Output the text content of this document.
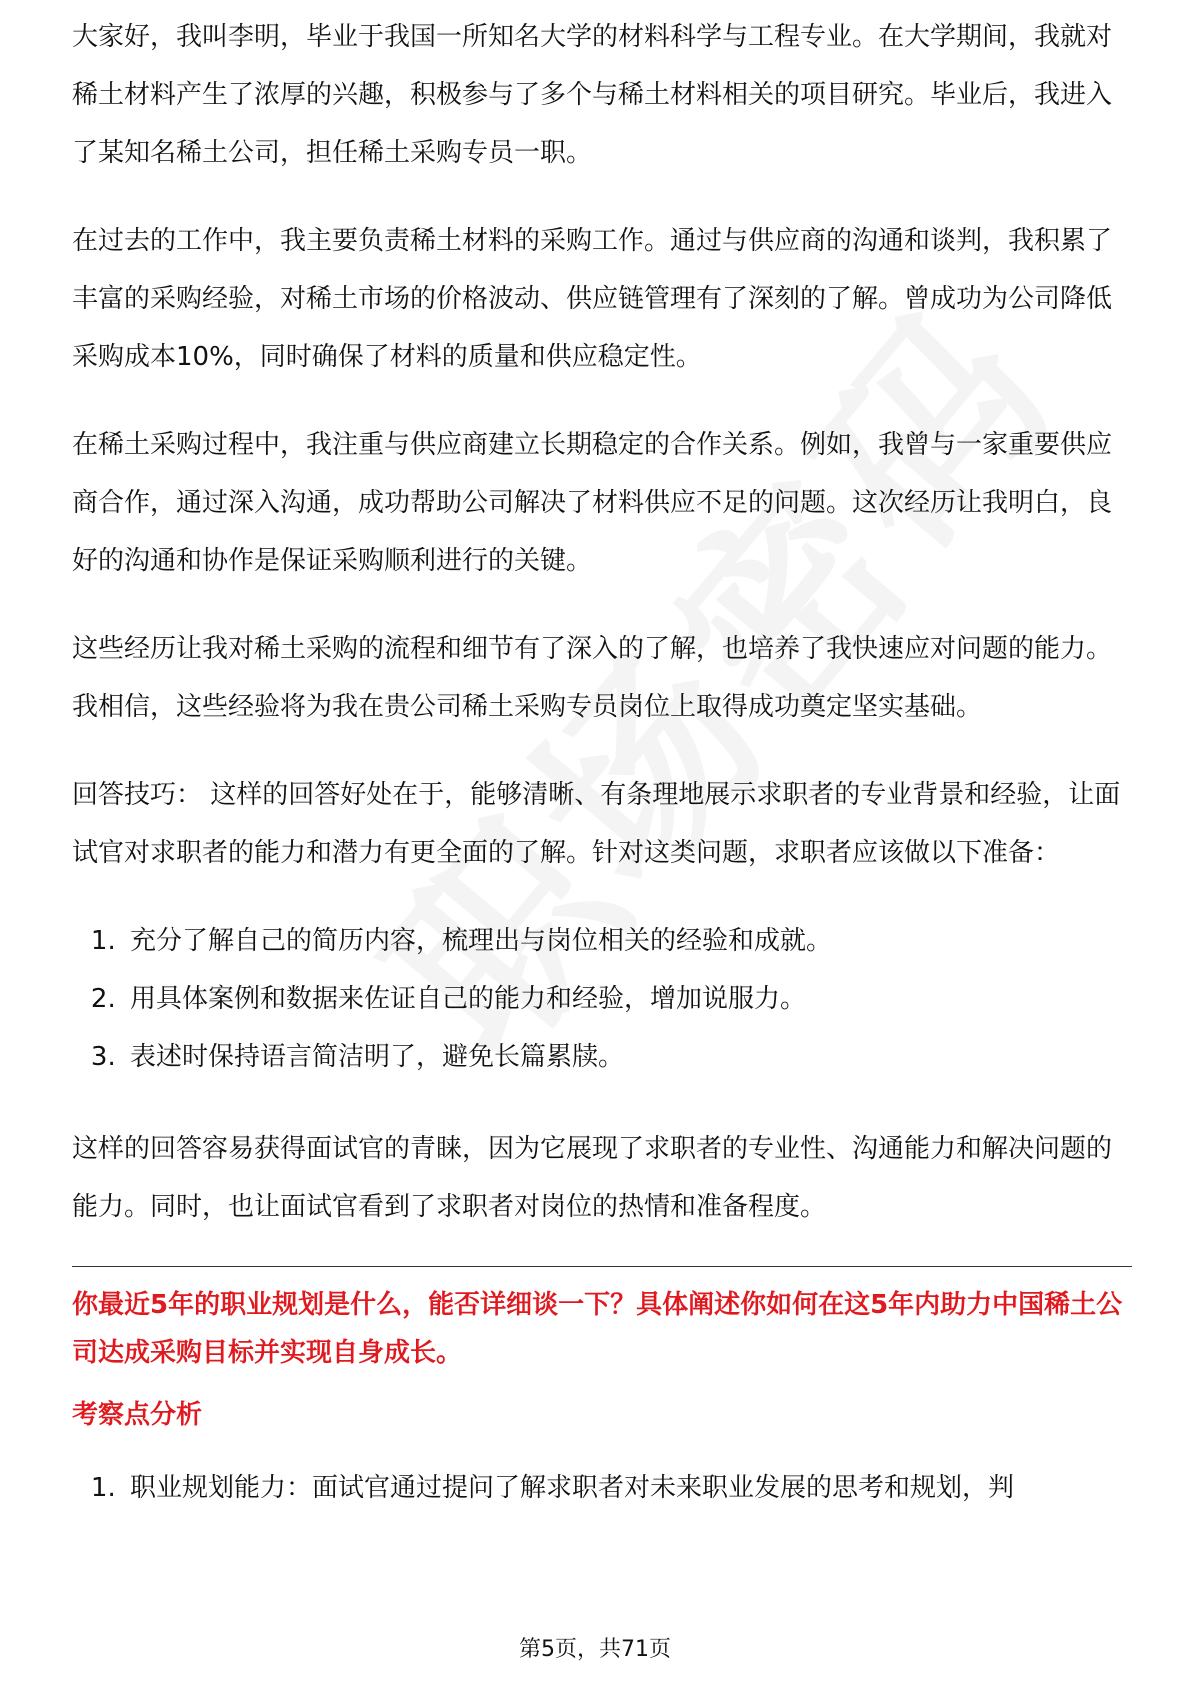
大家好，我叫李明，毕业于我国一所知名大学的材料科学与工程专业。在大学期间，我就对稀土材料产生了浓厚的兴趣，积极参与了多个与稀土材料相关的项目研究。毕业后，我进入了某知名稀土公司，担任稀土采购专员一职。

在过去的工作中，我主要负责稀土材料的采购工作。通过与供应商的沟通和谈判，我积累了丰富的采购经验，对稀土市场的价格波动、供应链管理有了深刻的了解。曾成功为公司降低采购成本10%，同时确保了材料的质量和供应稳定性。

在稀土采购过程中，我注重与供应商建立长期稳定的合作关系。例如，我曾与一家重要供应商合作，通过深入沟通，成功帮助公司解决了材料供应不足的问题。这次经历让我明白，良好的沟通和协作是保证采购顺利进行的关键。

这些经历让我对稀土采购的流程和细节有了深入的了解，也培养了我快速应对问题的能力。我相信，这些经验将为我在贵公司稀土采购专员岗位上取得成功奠定坚实基础。

回答技巧： 这样的回答好处在于，能够清晰、有条理地展示求职者的专业背景和经验，让面试官对求职者的能力和潜力有更全面的了解。针对这类问题，求职者应该做以下准备：

1. 充分了解自己的简历内容，梳理出与岗位相关的经验和成就。
2. 用具体案例和数据来佐证自己的能力和经验，增加说服力。
3. 表述时保持语言简洁明了，避免长篇累牍。

这样的回答容易获得面试官的青睐，因为它展现了求职者的专业性、沟通能力和解决问题的能力。同时，也让面试官看到了求职者对岗位的热情和准备程度。

你最近5年的职业规划是什么，能否详细谈一下？具体阐述你如何在这5年内助力中国稀土公司达成采购目标并实现自身成长。
考察点分析
1. 职业规划能力：面试官通过提问了解求职者对未来职业发展的思考和规划，判
第5页，共71页
